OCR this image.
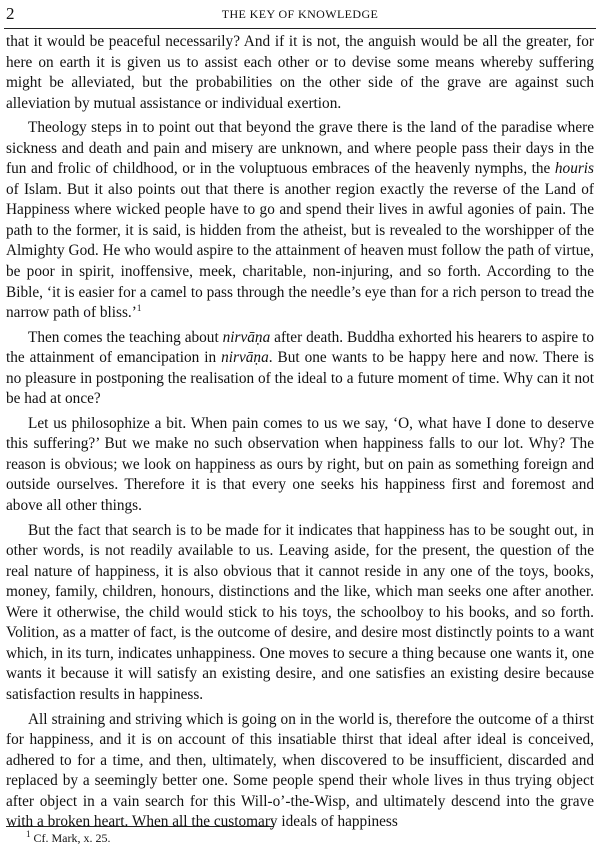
2	THE KEY OF KNOWLEDGE

that it would be peaceful necessarily? And if it is not, the anguish would be all the greater, for here on earth it is given us to assist each other or to devise some means whereby suffering might be alleviated, but the probabilities on the other side of the grave are against such alleviation by mutual assistance or individual exertion.

Theology steps in to point out that beyond the grave there is the land of the paradise where sickness and death and pain and misery are unknown, and where people pass their days in the fun and frolic of childhood, or in the voluptuous embraces of the heavenly nymphs, the houris of Islam. But it also points out that there is another region exactly the reverse of the Land of Happiness where wicked people have to go and spend their lives in awful agonies of pain. The path to the former, it is said, is hidden from the atheist, but is revealed to the worshipper of the Almighty God. He who would aspire to the attainment of heaven must follow the path of virtue, be poor in spirit, inoffensive, meek, charitable, non-injuring, and so forth. According to the Bible, ‘it is easier for a camel to pass through the needle’s eye than for a rich person to tread the narrow path of bliss.’$^1$

Then comes the teaching about nirvāṇa after death. Buddha exhorted his hearers to aspire to the attainment of emancipation in nirvāṇa. But one wants to be happy here and now. There is no pleasure in postponing the realisation of the ideal to a future moment of time. Why can it not be had at once?

Let us philosophize a bit. When pain comes to us we say, ‘O, what have I done to deserve this suffering?’ But we make no such observation when happiness falls to our lot. Why? The reason is obvious; we look on happiness as ours by right, but on pain as something foreign and outside ourselves. Therefore it is that every one seeks his happiness first and foremost and above all other things.

But the fact that search is to be made for it indicates that happiness has to be sought out, in other words, is not readily available to us. Leaving aside, for the present, the question of the real nature of happiness, it is also obvious that it cannot reside in any one of the toys, books, money, family, children, honours, distinctions and the like, which man seeks one after another. Were it otherwise, the child would stick to his toys, the schoolboy to his books, and so forth. Volition, as a matter of fact, is the outcome of desire, and desire most distinctly points to a want which, in its turn, indicates unhappiness. One moves to secure a thing because one wants it, one wants it because it will satisfy an existing desire, and one satisfies an existing desire because satisfaction results in happiness.

All straining and striving which is going on in the world is, therefore the outcome of a thirst for happiness, and it is on account of this insatiable thirst that ideal after ideal is conceived, adhered to for a time, and then, ultimately, when discovered to be insufficient, discarded and replaced by a seemingly better one. Some people spend their whole lives in thus trying object after object in a vain search for this Will-o’-the-Wisp, and ultimately descend into the grave with a broken heart. When all the customary ideals of happiness

$^1$ Cf. Mark, x. 25.
